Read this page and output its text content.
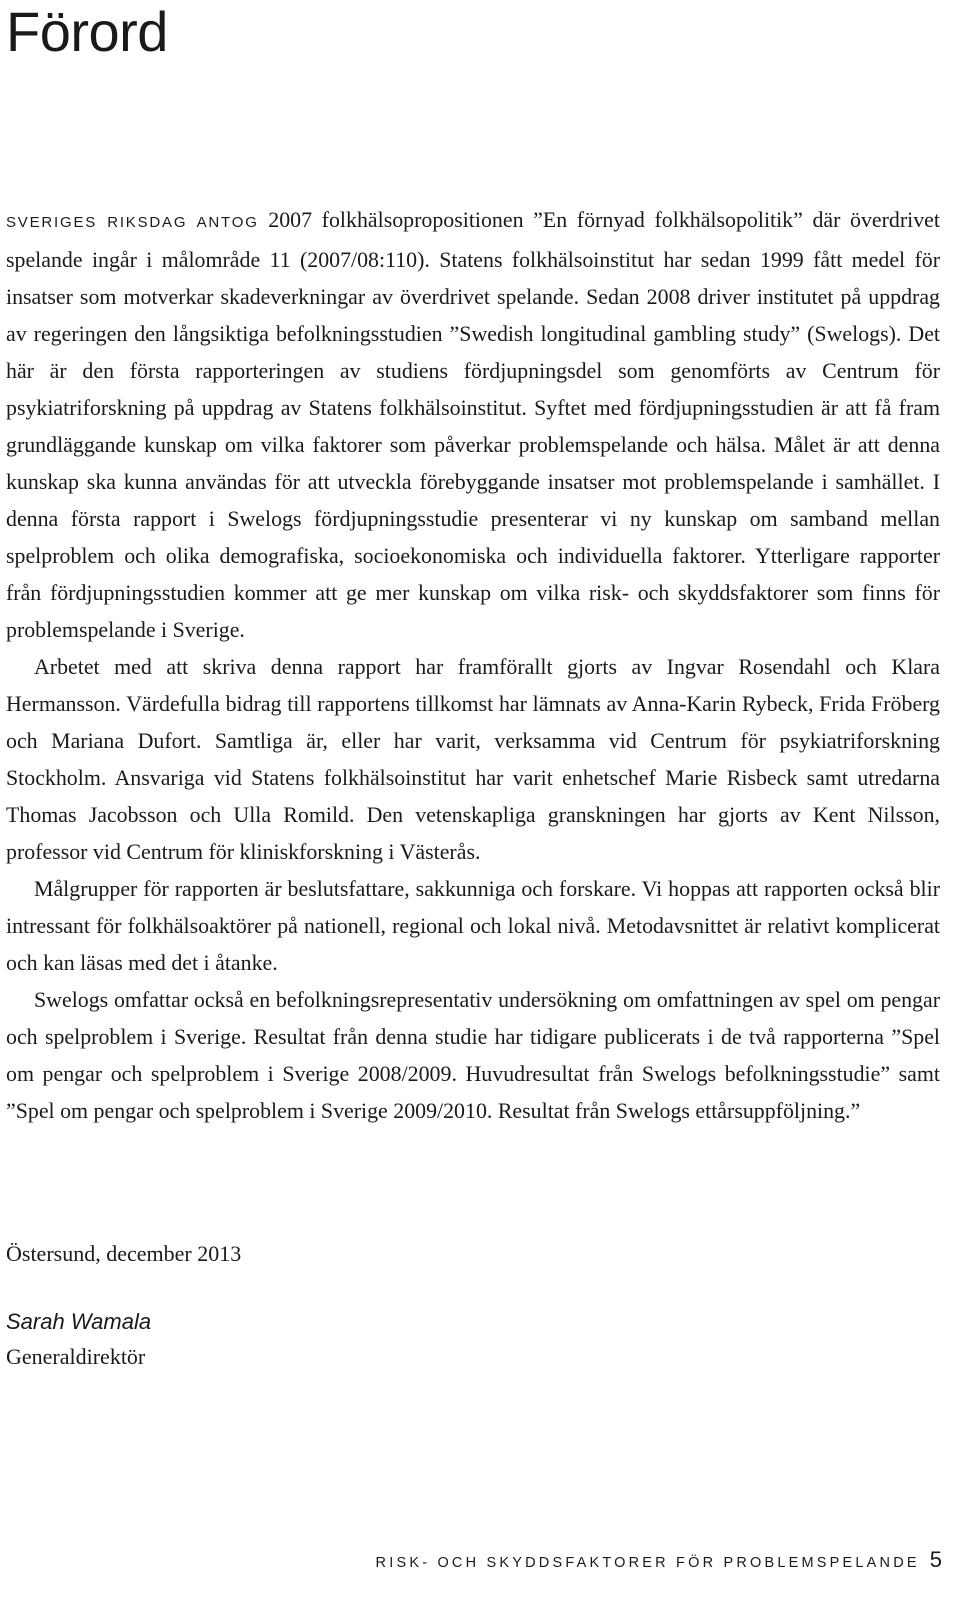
Förord

SVERIGES RIKSDAG ANTOG 2007 folkhälsopropositionen ”En förnyad folkhälsopolitik” där överdrivet spelande ingår i målområde 11 (2007/08:110). Statens folkhälsoinstitut har sedan 1999 fått medel för insatser som motverkar skadeverkningar av överdrivet spelande. Sedan 2008 driver institutet på uppdrag av regeringen den långsiktiga befolkningsstudien ”Swedish longitudinal gambling study” (Swelogs). Det här är den första rapporteringen av studiens fördjupningsdel som genomförts av Centrum för psykiatriforskning på uppdrag av Statens folkhälsoinstitut. Syftet med fördjupningsstudien är att få fram grundläggande kunskap om vilka faktorer som påverkar problemspelande och hälsa. Målet är att denna kunskap ska kunna användas för att utveckla förebyggande insatser mot problemspelande i samhället. I denna första rapport i Swelogs fördjupningsstudie presenterar vi ny kunskap om samband mellan spelproblem och olika demografiska, socioekonomiska och individuella faktorer. Ytterligare rapporter från fördjupningsstudien kommer att ge mer kunskap om vilka risk- och skyddsfaktorer som finns för problemspelande i Sverige.

Arbetet med att skriva denna rapport har framförallt gjorts av Ingvar Rosendahl och Klara Hermansson. Värdefulla bidrag till rapportens tillkomst har lämnats av Anna-Karin Rybeck, Frida Fröberg och Mariana Dufort. Samtliga är, eller har varit, verksamma vid Centrum för psykiatriforskning Stockholm. Ansvariga vid Statens folkhälsoinstitut har varit enhetschef Marie Risbeck samt utredarna Thomas Jacobsson och Ulla Romild. Den vetenskapliga granskningen har gjorts av Kent Nilsson, professor vid Centrum för kliniskforskning i Västerås.

Målgrupper för rapporten är beslutsfattare, sakkunniga och forskare. Vi hoppas att rapporten också blir intressant för folkhälsoaktörer på nationell, regional och lokal nivå. Metodavsnittet är relativt komplicerat och kan läsas med det i åtanke.

Swelogs omfattar också en befolkningsrepresentativ undersökning om omfattningen av spel om pengar och spelproblem i Sverige. Resultat från denna studie har tidigare publicerats i de två rapporterna ”Spel om pengar och spelproblem i Sverige 2008/2009. Huvudresultat från Swelogs befolkningsstudie” samt ”Spel om pengar och spelproblem i Sverige 2009/2010. Resultat från Swelogs ettårsuppföljning.”

Östersund, december 2013
Sarah Wamala
Generaldirektör
RISK- OCH SKYDDSFAKTORER FÖR PROBLEMSPELANDE 5
